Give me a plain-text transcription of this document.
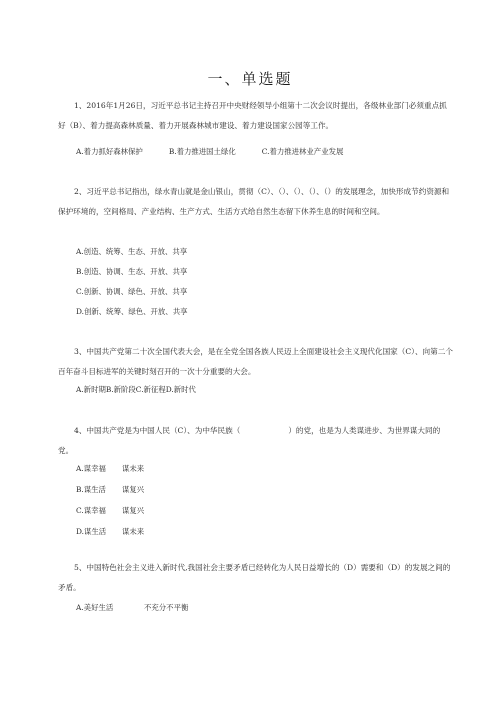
一、单选题

1、2016年1月26日，习近平总书记主持召开中央财经领导小组第十二次会议时提出，各级林业部门必须重点抓好（B）、着力提高森林质量、着力开展森林城市建设、着力建设国家公园等工作。

A.着力抓好森林保护	B.着力推进国土绿化	C.着力推进林业产业发展

2、习近平总书记指出，绿水青山就是金山银山，贯彻（C）、（）、（）、（）、（）的发展理念，加快形成节约资源和保护环境的，空间格局、产业结构、生产方式、生活方式给自然生态留下休养生息的时间和空间。

A.创造、统筹、生态、开放、共享
B.创造、协调、生态、开放、共享
C.创新、协调、绿色、开放、共享
D.创新、统筹、绿色、开放、共享

3、中国共产党第二十次全国代表大会，是在全党全国各族人民迈上全面建设社会主义现代化国家（C）、向第二个百年奋斗目标进军的关键时刻召开的一次十分重要的大会。

A.新时期B.新阶段C.新征程D.新时代

4、中国共产党是为中国人民（C）、为中华民族（	）的党，也是为人类谋进步、为世界谋大同的党。

A.谋幸福 谋未来
B.谋生活 谋复兴
C.谋幸福 谋复兴
D.谋生活 谋未来

5、中国特色社会主义进入新时代,我国社会主要矛盾已经转化为人民日益增长的（D）需要和（D）的发展之间的矛盾。

A.美好生活	不充分不平衡
